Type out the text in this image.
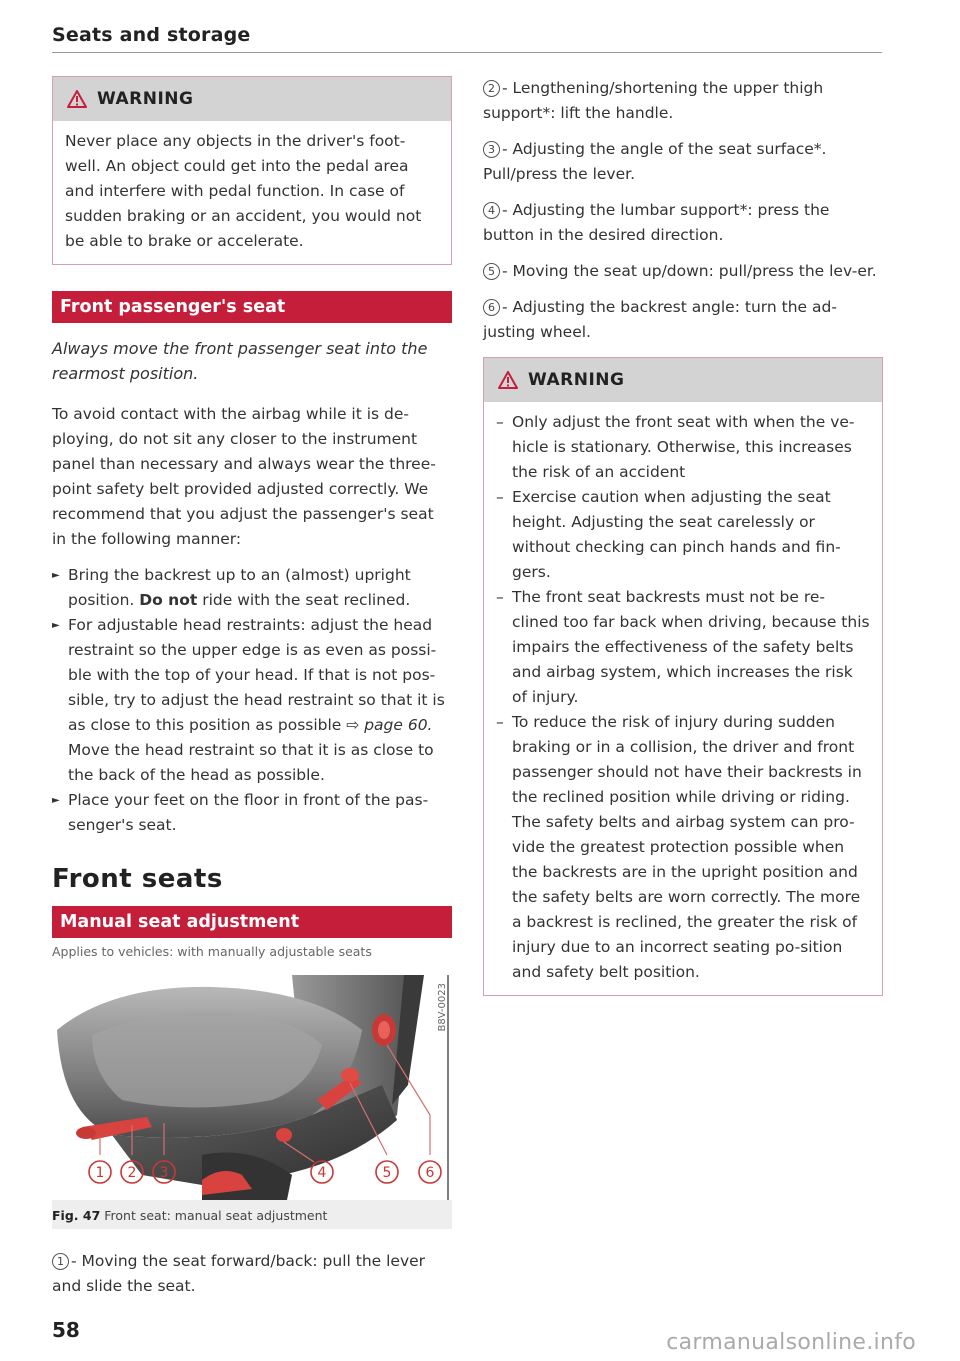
Seats and storage
WARNING
Never place any objects in the driver's foot-well. An object could get into the pedal area and interfere with pedal function. In case of sudden braking or an accident, you would not be able to brake or accelerate.
Front passenger's seat
Always move the front passenger seat into the rearmost position.

To avoid contact with the airbag while it is de-ploying, do not sit any closer to the instrument panel than necessary and always wear the three-point safety belt provided adjusted correctly. We recommend that you adjust the passenger's seat in the following manner:

► Bring the backrest up to an (almost) upright position. Do not ride with the seat reclined.
► For adjustable head restraints: adjust the head restraint so the upper edge is as even as possi-ble with the top of your head. If that is not pos-sible, try to adjust the head restraint so that it is as close to this position as possible ⇨ page 60. Move the head restraint so that it is as close to the back of the head as possible.
► Place your feet on the floor in front of the pas-senger's seat.
Front seats
Manual seat adjustment
Applies to vehicles: with manually adjustable seats
1 2 3	4	5 6
B8V-0023
Fig. 47 Front seat: manual seat adjustment

1 - Moving the seat forward/back: pull the lever and slide the seat.

2 - Lengthening/shortening the upper thigh support*: lift the handle.

3 - Adjusting the angle of the seat surface*. Pull/press the lever.

4 - Adjusting the lumbar support*: press the button in the desired direction.

5 - Moving the seat up/down: pull/press the lev-er.

6 - Adjusting the backrest angle: turn the ad-justing wheel.

WARNING
– Only adjust the front seat with when the ve-hicle is stationary. Otherwise, this increases the risk of an accident
– Exercise caution when adjusting the seat height. Adjusting the seat carelessly or without checking can pinch hands and fin-gers.
– The front seat backrests must not be re-clined too far back when driving, because this impairs the effectiveness of the safety belts and airbag system, which increases the risk of injury.
– To reduce the risk of injury during sudden braking or in a collision, the driver and front passenger should not have their backrests in the reclined position while driving or riding. The safety belts and airbag system can pro-vide the greatest protection possible when the backrests are in the upright position and the safety belts are worn correctly. The more a backrest is reclined, the greater the risk of injury due to an incorrect seating po-sition and safety belt position.
58	carmanualsonline.info
